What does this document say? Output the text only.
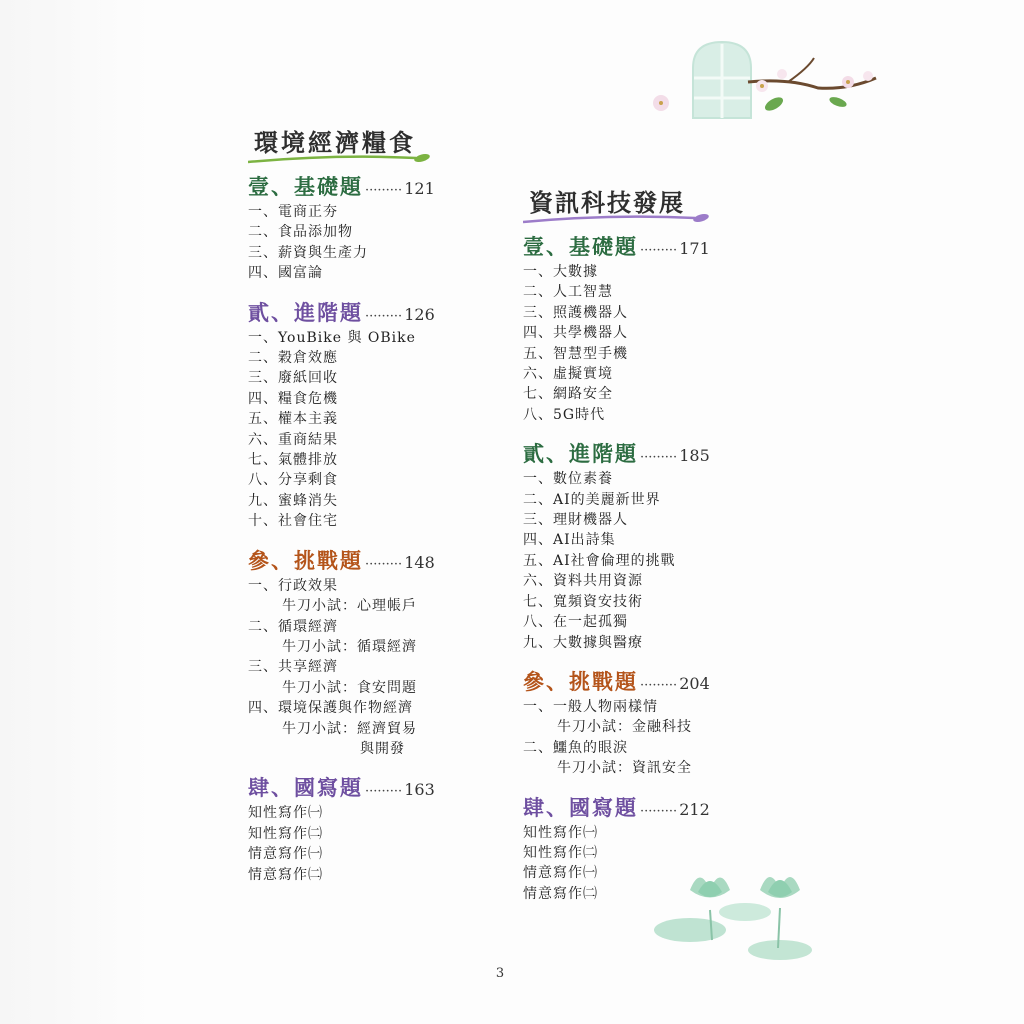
環境經濟糧食
壹、基礎題 ········· 121
一、電商正夯
二、食品添加物
三、薪資與生產力
四、國富論
貳、進階題 ········· 126
一、YouBike 與 OBike
二、穀倉效應
三、廢紙回收
四、糧食危機
五、權本主義
六、重商結果
七、氣體排放
八、分享剩食
九、蜜蜂消失
十、社會住宅
參、挑戰題 ········· 148
一、行政效果
牛刀小試：心理帳戶
二、循環經濟
牛刀小試：循環經濟
三、共享經濟
牛刀小試：食安問題
四、環境保護與作物經濟
牛刀小試：經濟貿易
與開發
肆、國寫題 ········· 163
知性寫作㈠
知性寫作㈡
情意寫作㈠
情意寫作㈡
資訊科技發展
壹、基礎題 ········· 171
一、大數據
二、人工智慧
三、照護機器人
四、共學機器人
五、智慧型手機
六、虛擬實境
七、網路安全
八、5G時代
貳、進階題 ········· 185
一、數位素養
二、AI的美麗新世界
三、理財機器人
四、AI出詩集
五、AI社會倫理的挑戰
六、資料共用資源
七、寬頻資安技術
八、在一起孤獨
九、大數據與醫療
參、挑戰題 ········· 204
一、一般人物兩樣情
牛刀小試：金融科技
二、鱷魚的眼淚
牛刀小試：資訊安全
肆、國寫題 ········· 212
知性寫作㈠
知性寫作㈡
情意寫作㈠
情意寫作㈡
3
